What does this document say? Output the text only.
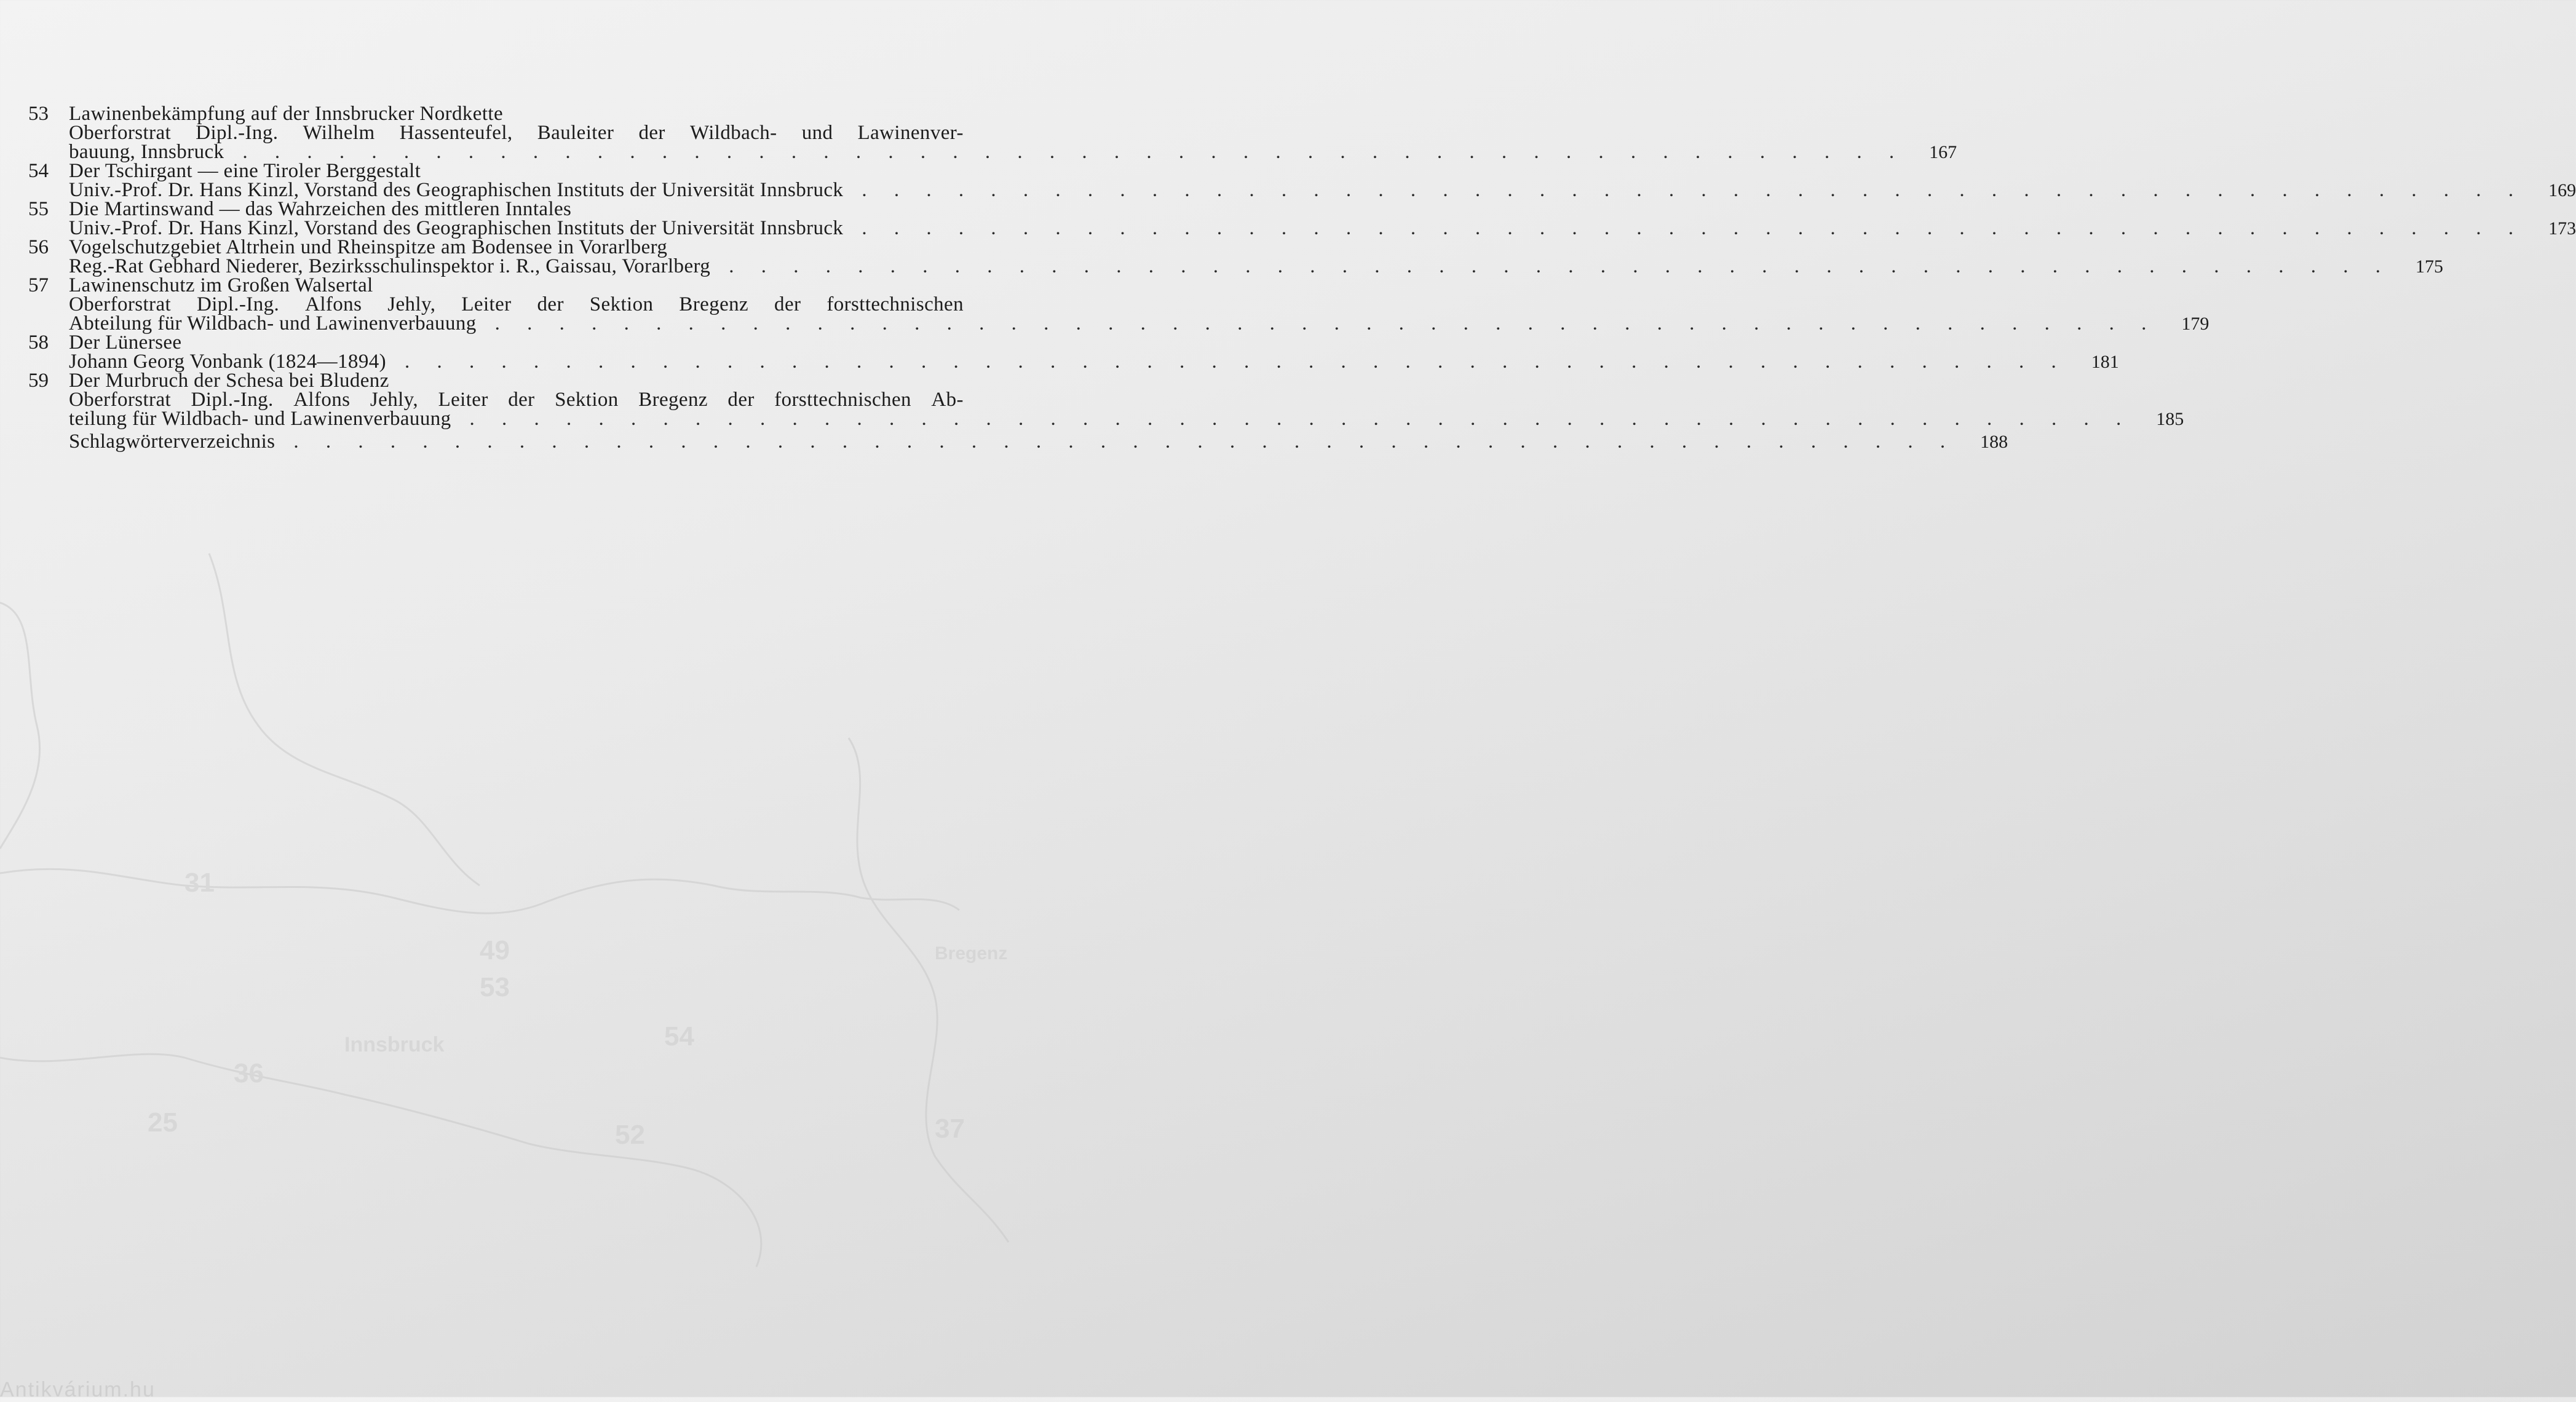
49
53
Innsbruck	54
52
Bregenz
36
31
37
25
53	Lawinenbekämpfung auf der Innsbrucker Nordkette
Oberforstrat Dipl.-Ing. Wilhelm Hassenteufel, Bauleiter der Wildbach- und Lawinenver-
bauung, Innsbruck . . . . . . . . . . . . . . . . . . . . . . . . . . . . . . . . . . . . . . . . . . . . . . . . . . . .	167
54	Der Tschirgant — eine Tiroler Berggestalt
Univ.-Prof. Dr. Hans Kinzl, Vorstand des Geographischen Instituts der Universität Innsbruck . . . . . . . . . . . . . . . . . . . . . . . . . . . . . . . . . . . . . . . . . . . . . . . . . . . .	169
55	Die Martinswand — das Wahrzeichen des mittleren Inntales
Univ.-Prof. Dr. Hans Kinzl, Vorstand des Geographischen Instituts der Universität Innsbruck . . . . . . . . . . . . . . . . . . . . . . . . . . . . . . . . . . . . . . . . . . . . . . . . . . . .	173
56	Vogelschutzgebiet Altrhein und Rheinspitze am Bodensee in Vorarlberg
Reg.-Rat Gebhard Niederer, Bezirksschulinspektor i. R., Gaissau, Vorarlberg . . . . . . . . . . . . . . . . . . . . . . . . . . . . . . . . . . . . . . . . . . . . . . . . . . . .	175
57	Lawinenschutz im Großen Walsertal
Oberforstrat Dipl.-Ing. Alfons Jehly, Leiter der Sektion Bregenz der forsttechnischen
Abteilung für Wildbach- und Lawinenverbauung . . . . . . . . . . . . . . . . . . . . . . . . . . . . . . . . . . . . . . . . . . . . . . . . . . . .	179
58	Der Lünersee
Johann Georg Vonbank (1824—1894) . . . . . . . . . . . . . . . . . . . . . . . . . . . . . . . . . . . . . . . . . . . . . . . . . . . .	181
59	Der Murbruch der Schesa bei Bludenz
Oberforstrat Dipl.-Ing. Alfons Jehly, Leiter der Sektion Bregenz der forsttechnischen Ab-
teilung für Wildbach- und Lawinenverbauung . . . . . . . . . . . . . . . . . . . . . . . . . . . . . . . . . . . . . . . . . . . . . . . . . . . .	185
Schlagwörterverzeichnis . . . . . . . . . . . . . . . . . . . . . . . . . . . . . . . . . . . . . . . . . . . . . . . . . . . .	188
Antikvárium.hu
